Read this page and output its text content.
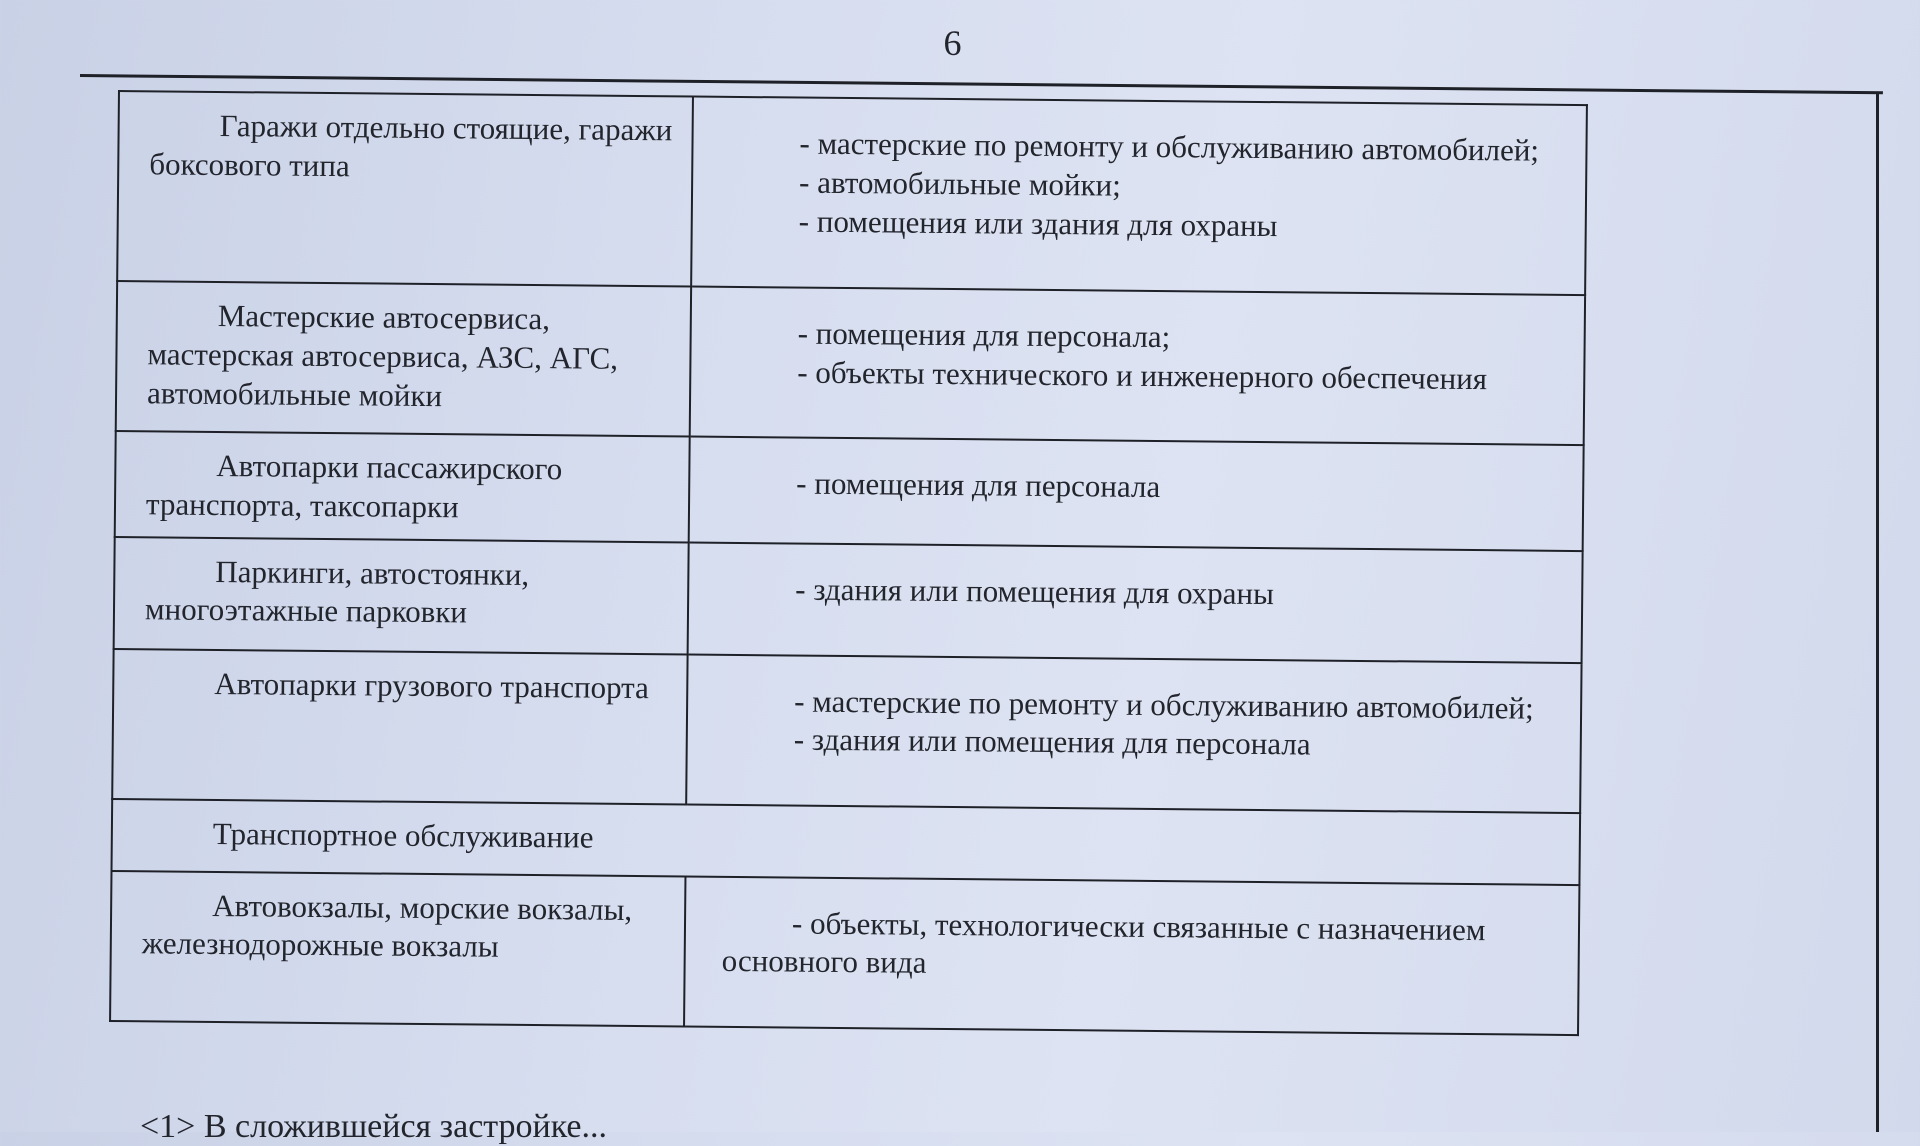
6

Гаражи отдельно стоящие, гаражи боксового типа	- мастерские по ремонту и обслуживанию автомобилей;

- автомобильные мойки;

- помещения или здания для охраны

Мастерские автосервиса, мастерская автосервиса, АЗС, АГС, автомобильные мойки	- помещения для персонала;

- объекты технического и инженерного обеспечения

Автопарки пассажирского транспорта, таксопарки	- помещения для персонала

Паркинги, автостоянки, многоэтажные парковки	- здания или помещения для охраны

Автопарки грузового транспорта	- мастерские по ремонту и обслуживанию автомобилей;

- здания или помещения для персонала

Транспортное обслуживание	

Автовокзалы, морские вокзалы, железнодорожные вокзалы	- объекты, технологически связанные с назначением основного вида

<1> В сложившейся застройке...
